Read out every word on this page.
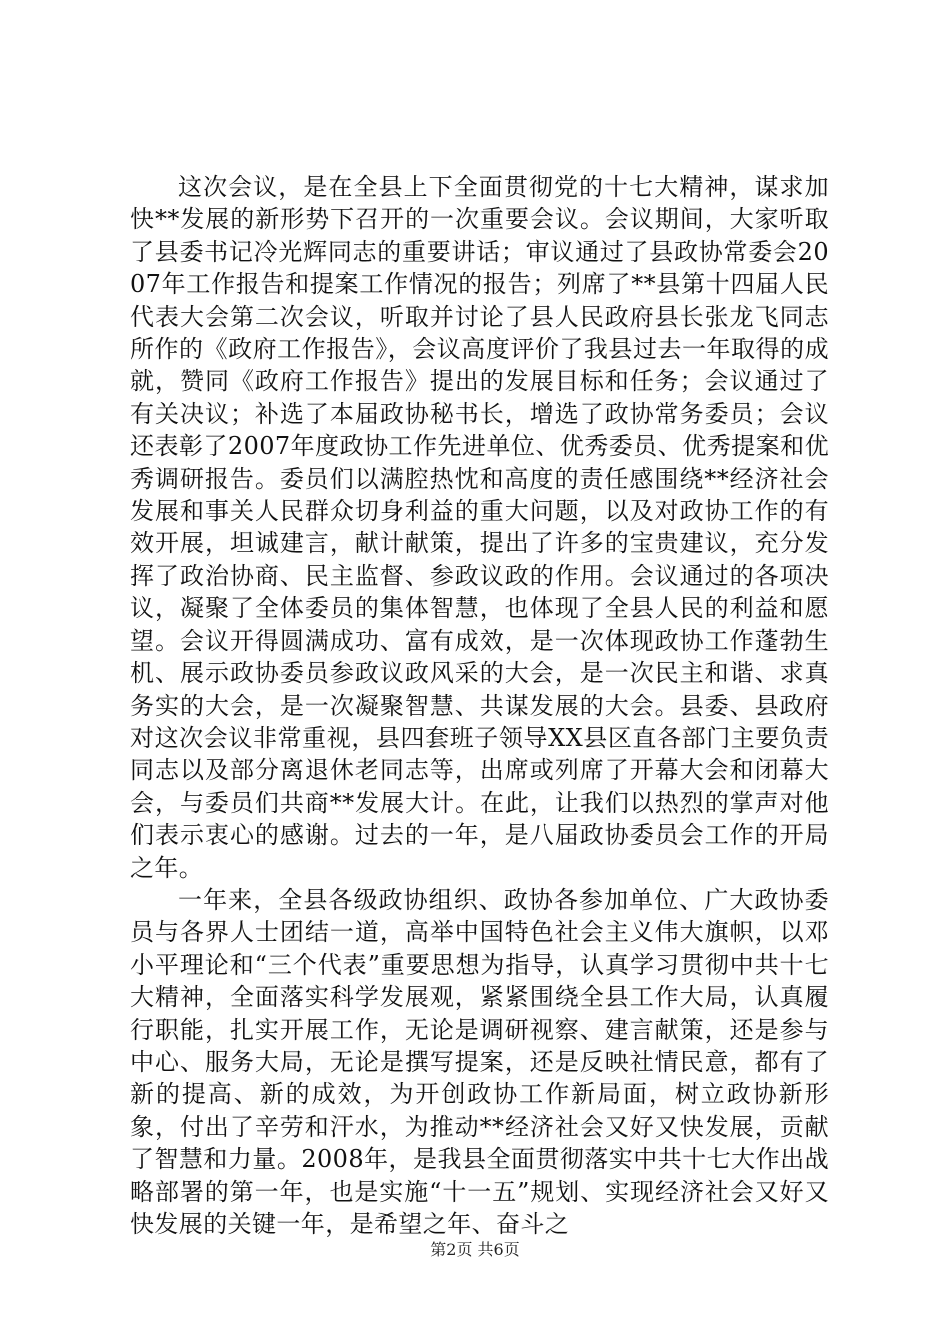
这次会议，是在全县上下全面贯彻党的十七大精神，谋求加快**发展的新形势下召开的一次重要会议。会议期间，大家听取了县委书记冷光辉同志的重要讲话；审议通过了县政协常委会2007年工作报告和提案工作情况的报告；列席了**县第十四届人民代表大会第二次会议，听取并讨论了县人民政府县长张龙飞同志所作的《政府工作报告》，会议高度评价了我县过去一年取得的成就，赞同《政府工作报告》提出的发展目标和任务；会议通过了有关决议；补选了本届政协秘书长，增选了政协常务委员；会议还表彰了2007年度政协工作先进单位、优秀委员、优秀提案和优秀调研报告。委员们以满腔热忱和高度的责任感围绕**经济社会发展和事关人民群众切身利益的重大问题，以及对政协工作的有效开展，坦诚建言，献计献策，提出了许多的宝贵建议，充分发挥了政治协商、民主监督、参政议政的作用。会议通过的各项决议，凝聚了全体委员的集体智慧，也体现了全县人民的利益和愿望。会议开得圆满成功、富有成效，是一次体现政协工作蓬勃生机、展示政协委员参政议政风采的大会，是一次民主和谐、求真务实的大会，是一次凝聚智慧、共谋发展的大会。县委、县政府对这次会议非常重视，县四套班子领导XX县区直各部门主要负责同志以及部分离退休老同志等，出席或列席了开幕大会和闭幕大会，与委员们共商**发展大计。在此，让我们以热烈的掌声对他们表示衷心的感谢。过去的一年，是八届政协委员会工作的开局之年。

一年来，全县各级政协组织、政协各参加单位、广大政协委员与各界人士团结一道，高举中国特色社会主义伟大旗帜，以邓小平理论和“三个代表”重要思想为指导，认真学习贯彻中共十七大精神，全面落实科学发展观，紧紧围绕全县工作大局，认真履行职能，扎实开展工作，无论是调研视察、建言献策，还是参与中心、服务大局，无论是撰写提案，还是反映社情民意，都有了新的提高、新的成效，为开创政协工作新局面，树立政协新形象，付出了辛劳和汗水，为推动**经济社会又好又快发展，贡献了智慧和力量。2008年，是我县全面贯彻落实中共十七大作出战略部署的第一年，也是实施“十一五”规划、实现经济社会又好又快发展的关键一年，是希望之年、奋斗之

第2页 共6页
